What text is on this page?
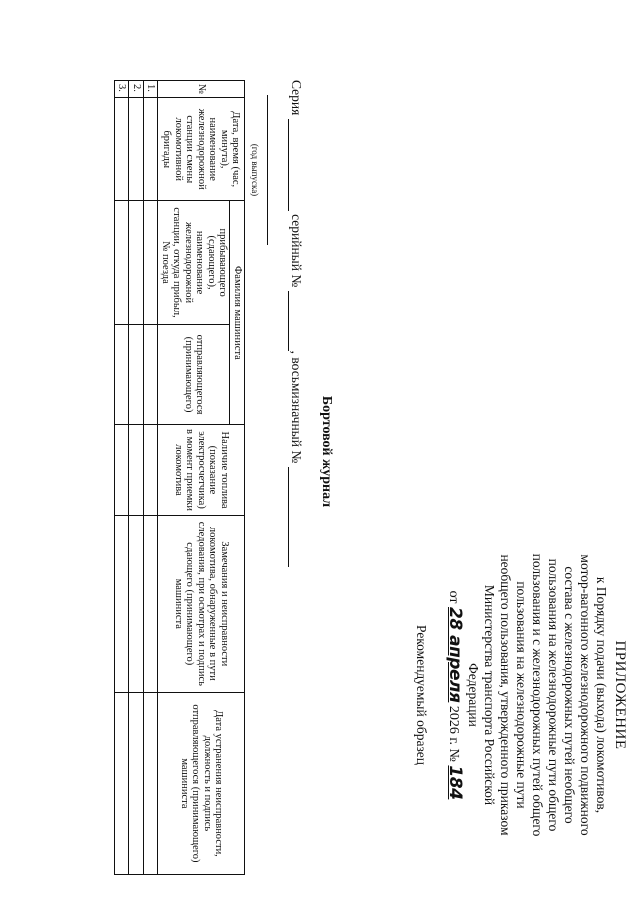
ПРИЛОЖЕНИЕ
к Порядку подачи (выхода) локомотивов,
мотор-вагонного железнодорожного подвижного
состава с железнодорожных путей необщего
пользования на железнодорожные пути общего
пользования и с железнодорожных путей общего
пользования на железнодорожные пути
необщего пользования, утвержденного приказом
Министерства транспорта Российской
Федерации
от 28 апреля 2026 г. № 184
Рекомендуемый образец
Бортовой журнал
Серия  серийный № , восьмизначный №
(год выпуска)
№	Дата, время (час, минута), наименование железнодорожной станции смены локомотивной бригады	Фамилия машиниста		Наличие топлива (показание электросчетчика) в момент приемки локомотива	Замечания и неисправности локомотива, обнаруженные в пути следования, при осмотрах и подпись сдающего (принимающего) машиниста	Дата устранения неисправности, должность и подпись отправляющегося (принимающего) машиниста
		прибывающего (сдающего), наименование железнодорожной станции, откуда прибыл, № поезда	отправляющегося (принимающего)			
1.						
2.						
3.						
